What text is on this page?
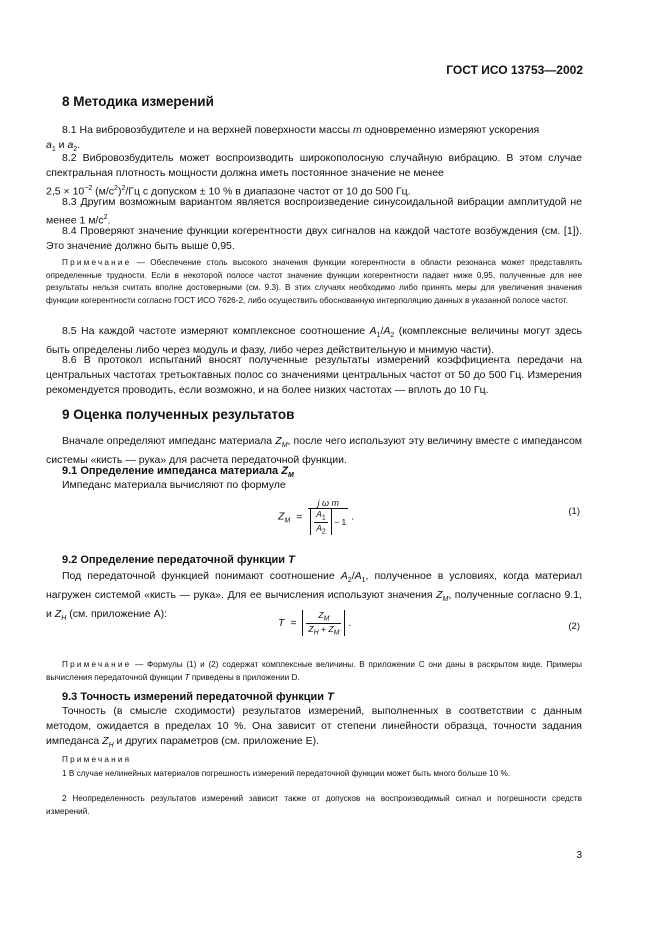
ГОСТ ИСО 13753—2002
8 Методика измерений
8.1 На вибровозбудителе и на верхней поверхности массы m одновременно измеряют ускорения
$a_1$ и $a_2$.
8.2 Вибровозбудитель может воспроизводить широкополосную случайную вибрацию. В этом случае спектральная плотность мощности должна иметь постоянное значение не менее
$2,5 \times 10^{-2}$ $(м/с^2)^2/Гц$ с допуском ± 10 % в диапазоне частот от 10 до 500 Гц.
8.3 Другим возможным вариантом является воспроизведение синусоидальной вибрации амплитудой не менее 1 $м/с^2$.
8.4 Проверяют значение функции когерентности двух сигналов на каждой частоте возбуждения (см. [1]). Это значение должно быть выше 0,95.
Примечание — Обеспечение столь высокого значения функции когерентности в области резонанса может представлять определенные трудности. Если в некоторой полосе частот значение функции когерентности падает ниже 0,95, полученные для нее результаты нельзя считать вполне достоверными (см. 9.3). В этих случаях необходимо либо принять меры для увеличения значения функции когерентности согласно ГОСТ ИСО 7626-2, либо осуществить обоснованную интерполяцию данных в указанной полосе частот.
8.5 На каждой частоте измеряют комплексное соотношение $A_1/A_2$ (комплексные величины могут здесь быть определены либо через модуль и фазу, либо через действительную и мнимую части).
8.6 В протокол испытаний вносят полученные результаты измерений коэффициента передачи на центральных частотах третьоктавных полос со значениями центральных частот от 50 до 500 Гц. Измерения рекомендуется проводить, если возможно, и на более низких частотах — вплоть до 10 Гц.
9 Оценка полученных результатов
Вначале определяют импеданс материала $Z_M$, после чего используют эту величину вместе с импедансом системы «кисть — рука» для расчета передаточной функции.
9.1 Определение импеданса материала $Z_M$
Импеданс материала вычисляют по формуле
$Z_M = \frac{\text{j ω m}}{\frac{A_1}{A_2} - 1}$ .	(1)
9.2 Определение передаточной функции T
Под передаточной функцией понимают соотношение $A_2/A_1$, полученное в условиях, когда материал нагружен системой «кисть — рука». Для ее вычисления используют значения $Z_M$, полученные согласно 9.1, и $Z_H$ (см. приложение А):
$T = \frac{Z_M}{Z_H + Z_M}$ .	(2)
Примечание — Формулы (1) и (2) содержат комплексные величины. В приложении С они даны в раскрытом виде. Примеры вычисления передаточной функции T приведены в приложении D.
9.3 Точность измерений передаточной функции T
Точность (в смысле сходимости) результатов измерений, выполненных в соответствии с данным методом, ожидается в пределах 10 %. Она зависит от степени линейности образца, точности задания импеданса $Z_H$ и других параметров (см. приложение Е).
Примечания
1 В случае нелинейных материалов погрешность измерений передаточной функции может быть много больше 10 %.
2 Неопределенность результатов измерений зависит также от допусков на воспроизводимый сигнал и погрешности средств измерений.
3
